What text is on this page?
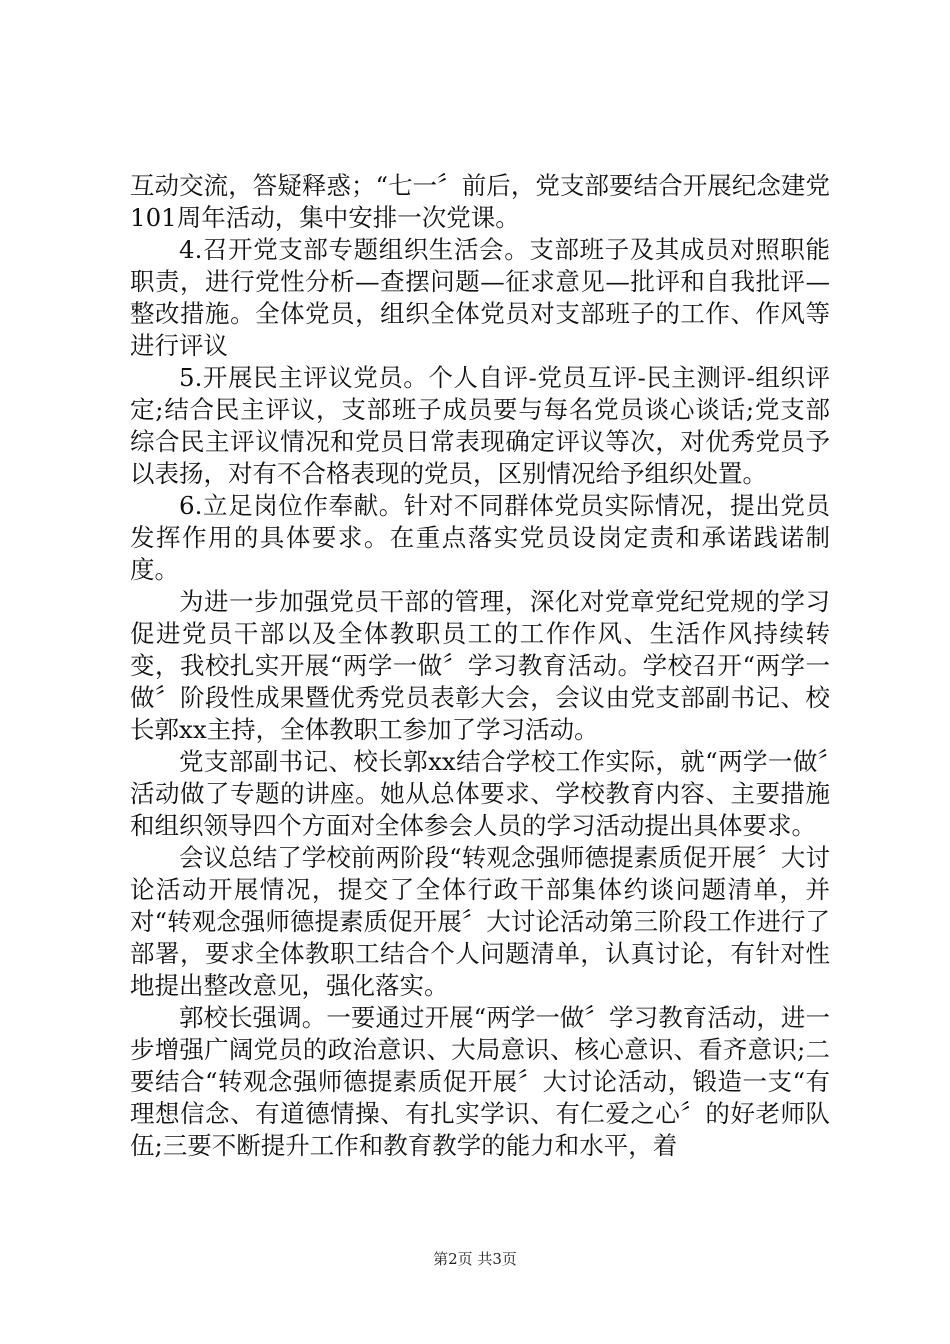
互动交流，答疑释惑；“七一〞前后，党支部要结合开展纪念建党101周年活动，集中安排一次党课。

4.召开党支部专题组织生活会。支部班子及其成员对照职能职责，进行党性分析—查摆问题—征求意见—批评和自我批评—整改措施。全体党员，组织全体党员对支部班子的工作、作风等进行评议

5.开展民主评议党员。个人自评-党员互评-民主测评-组织评定;结合民主评议，支部班子成员要与每名党员谈心谈话;党支部综合民主评议情况和党员日常表现确定评议等次，对优秀党员予以表扬，对有不合格表现的党员，区别情况给予组织处置。

6.立足岗位作奉献。针对不同群体党员实际情况，提出党员发挥作用的具体要求。在重点落实党员设岗定责和承诺践诺制度。

为进一步加强党员干部的管理，深化对党章党纪党规的学习促进党员干部以及全体教职员工的工作作风、生活作风持续转变，我校扎实开展“两学一做〞学习教育活动。学校召开“两学一做〞阶段性成果暨优秀党员表彰大会，会议由党支部副书记、校长郭xx主持，全体教职工参加了学习活动。

党支部副书记、校长郭xx结合学校工作实际，就“两学一做〞活动做了专题的讲座。她从总体要求、学校教育内容、主要措施和组织领导四个方面对全体参会人员的学习活动提出具体要求。

会议总结了学校前两阶段“转观念强师德提素质促开展〞大讨论活动开展情况，提交了全体行政干部集体约谈问题清单，并对“转观念强师德提素质促开展〞大讨论活动第三阶段工作进行了部署，要求全体教职工结合个人问题清单，认真讨论，有针对性地提出整改意见，强化落实。

郭校长强调。一要通过开展“两学一做〞学习教育活动，进一步增强广阔党员的政治意识、大局意识、核心意识、看齐意识;二要结合“转观念强师德提素质促开展〞大讨论活动，锻造一支“有理想信念、有道德情操、有扎实学识、有仁爱之心〞的好老师队伍;三要不断提升工作和教育教学的能力和水平，着

第2页 共3页
